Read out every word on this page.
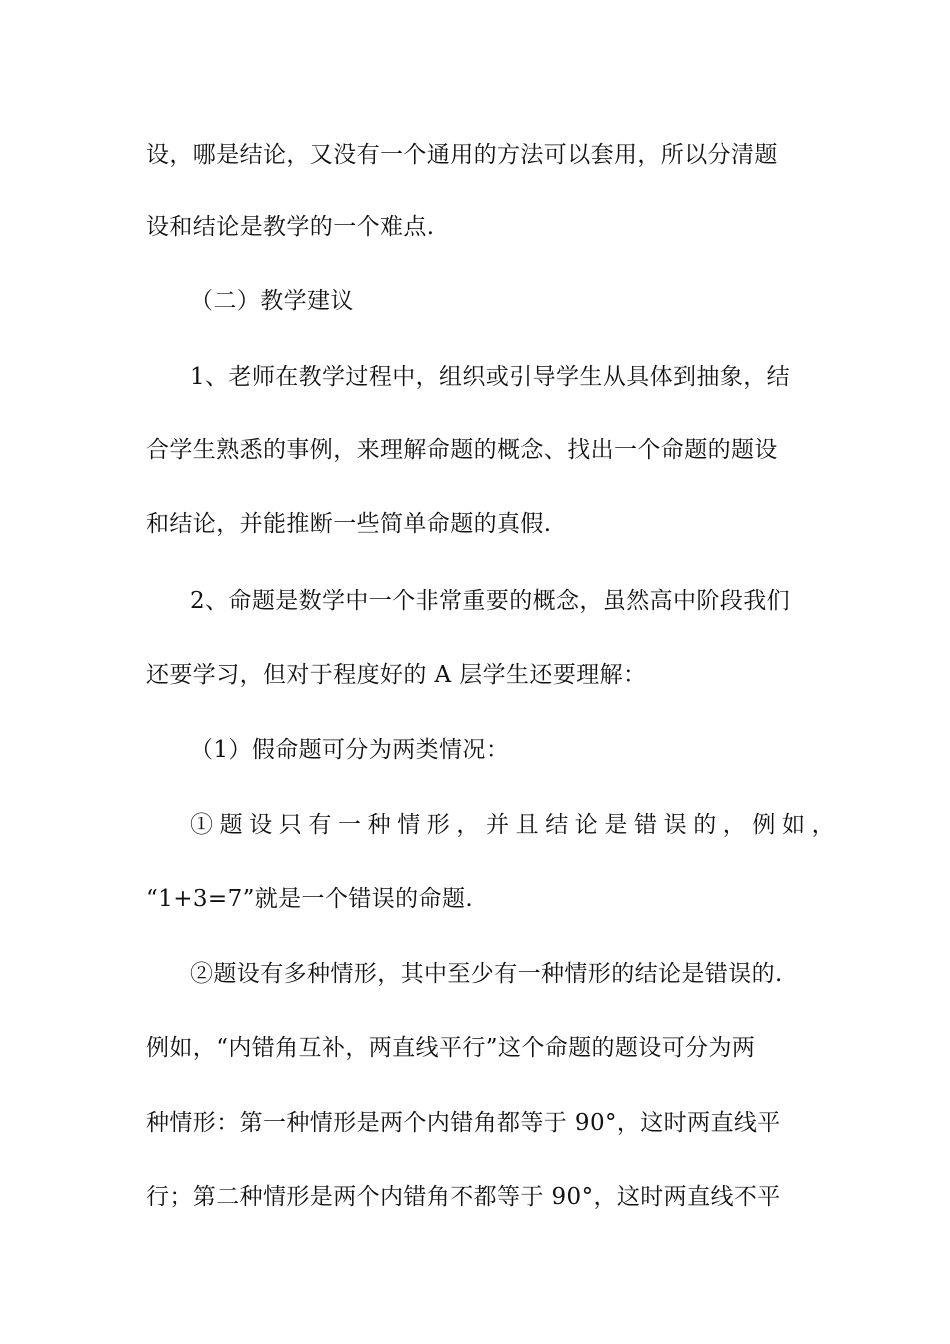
设，哪是结论，又没有一个通用的方法可以套用，所以分清题
设和结论是教学的一个难点.
（二）教学建议
1、老师在教学过程中，组织或引导学生从具体到抽象，结
合学生熟悉的事例，来理解命题的概念、找出一个命题的题设
和结论，并能推断一些简单命题的真假.
2、命题是数学中一个非常重要的概念，虽然高中阶段我们
还要学习，但对于程度好的 A 层学生还要理解：
（1）假命题可分为两类情况：
①题设只有一种情形，并且结论是错误的，例如，
“1+3=7”就是一个错误的命题.
②题设有多种情形，其中至少有一种情形的结论是错误的.
例如，“内错角互补，两直线平行”这个命题的题设可分为两
种情形：第一种情形是两个内错角都等于 90°，这时两直线平
行；第二种情形是两个内错角不都等于 90°，这时两直线不平
